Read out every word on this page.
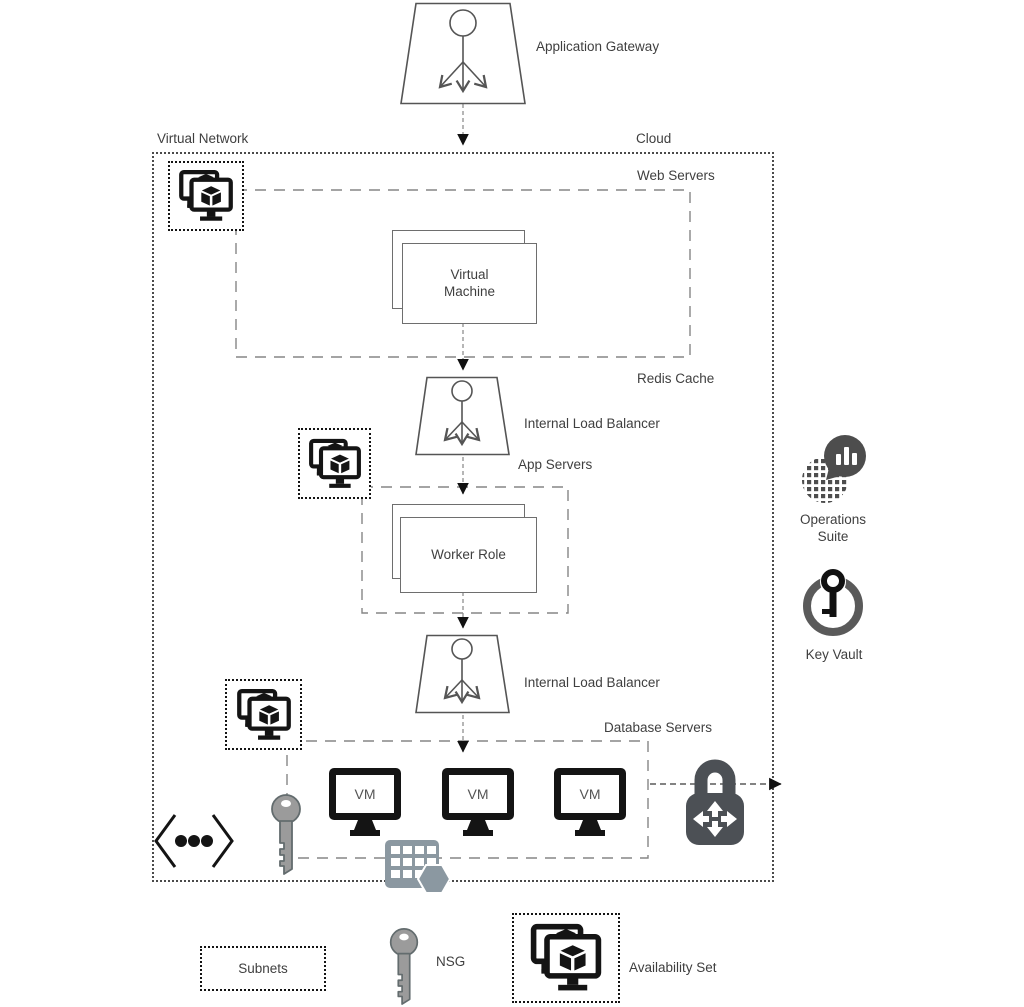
Virtual Network	Cloud
Application Gateway
Web Servers
Virtual Machine
Redis Cache
Internal Load Balancer
App Servers
Worker Role
Internal Load Balancer
Database Servers
VM	VM	VM
Operations Suite
Key Vault
Subnets	NSG	Availability Set
